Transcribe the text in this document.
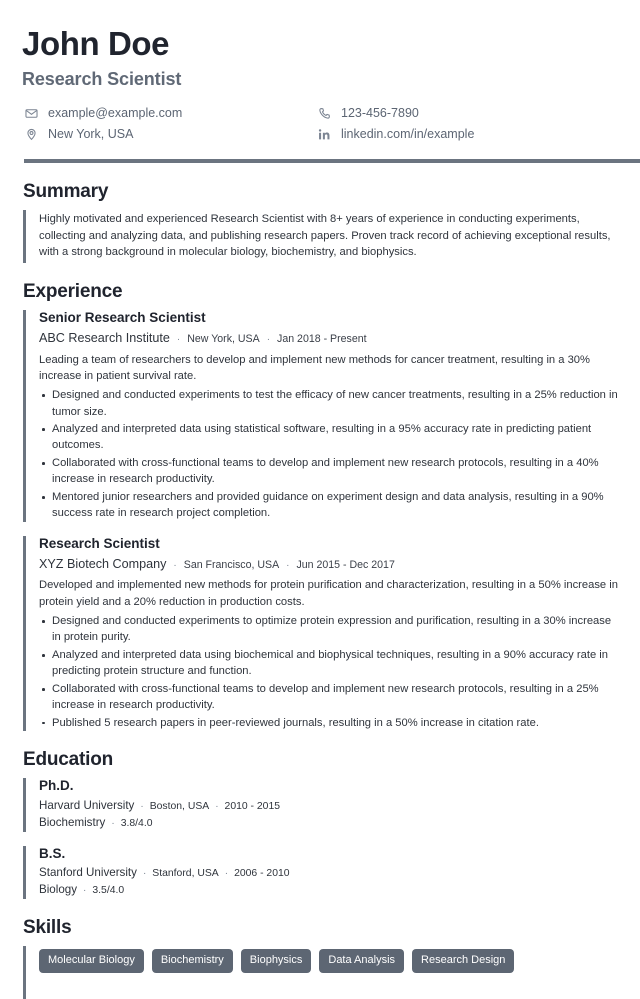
John Doe
Research Scientist
example@example.com
New York, USA
123-456-7890
linkedin.com/in/example
Summary

Highly motivated and experienced Research Scientist with 8+ years of experience in conducting experiments, collecting and analyzing data, and publishing research papers. Proven track record of achieving exceptional results, with a strong background in molecular biology, biochemistry, and biophysics.

Experience
Senior Research Scientist
ABC Research Institute · New York, USA · Jan 2018 - Present

Leading a team of researchers to develop and implement new methods for cancer treatment, resulting in a 30% increase in patient survival rate.

Designed and conducted experiments to test the efficacy of new cancer treatments, resulting in a 25% reduction in tumor size.
Analyzed and interpreted data using statistical software, resulting in a 95% accuracy rate in predicting patient outcomes.
Collaborated with cross-functional teams to develop and implement new research protocols, resulting in a 40% increase in research productivity.
Mentored junior researchers and provided guidance on experiment design and data analysis, resulting in a 90% success rate in research project completion.
Research Scientist
XYZ Biotech Company · San Francisco, USA · Jun 2015 - Dec 2017

Developed and implemented new methods for protein purification and characterization, resulting in a 50% increase in protein yield and a 20% reduction in production costs.

Designed and conducted experiments to optimize protein expression and purification, resulting in a 30% increase in protein purity.
Analyzed and interpreted data using biochemical and biophysical techniques, resulting in a 90% accuracy rate in predicting protein structure and function.
Collaborated with cross-functional teams to develop and implement new research protocols, resulting in a 25% increase in research productivity.
Published 5 research papers in peer-reviewed journals, resulting in a 50% increase in citation rate.
Education
Ph.D.
Harvard University · Boston, USA · 2010 - 2015
Biochemistry · 3.8/4.0
B.S.
Stanford University · Stanford, USA · 2006 - 2010
Biology · 3.5/4.0
Skills
Molecular Biology	Biochemistry	Biophysics	Data Analysis	Research Design
